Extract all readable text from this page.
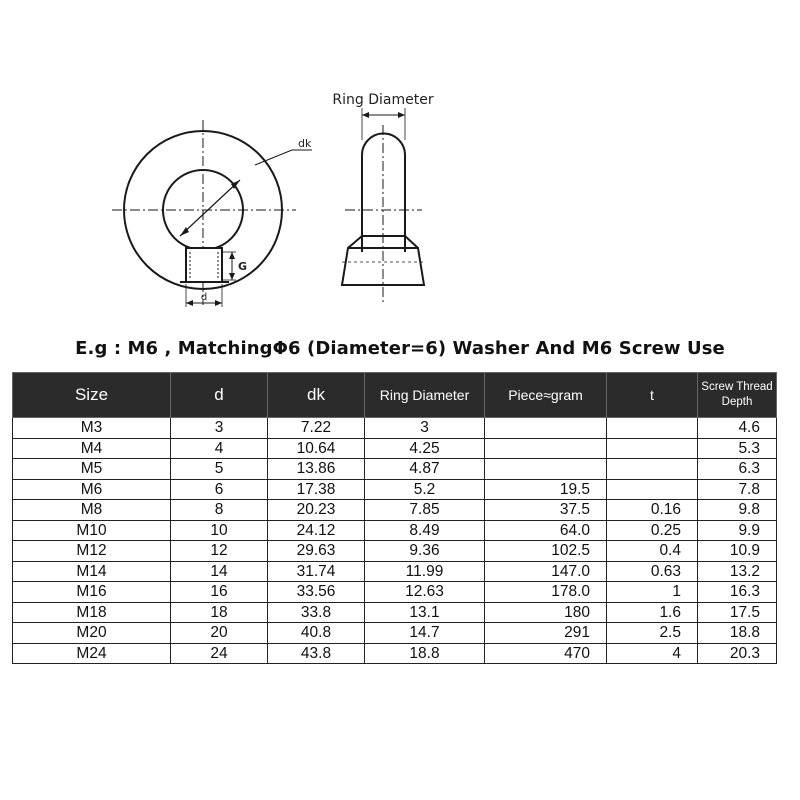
Ring Diameter
dk
G
d
E.g : M6 , MatchingΦ6 (Diameter=6) Washer And M6 Screw Use
Size	d	dk	Ring Diameter	Piece≈gram	t	Screw Thread Depth
M3	3	7.22	3			4.6
M4	4	10.64	4.25			5.3
M5	5	13.86	4.87			6.3
M6	6	17.38	5.2	19.5		7.8
M8	8	20.23	7.85	37.5	0.16	9.8
M10	10	24.12	8.49	64.0	0.25	9.9
M12	12	29.63	9.36	102.5	0.4	10.9
M14	14	31.74	11.99	147.0	0.63	13.2
M16	16	33.56	12.63	178.0	1	16.3
M18	18	33.8	13.1	180	1.6	17.5
M20	20	40.8	14.7	291	2.5	18.8
M24	24	43.8	18.8	470	4	20.3
